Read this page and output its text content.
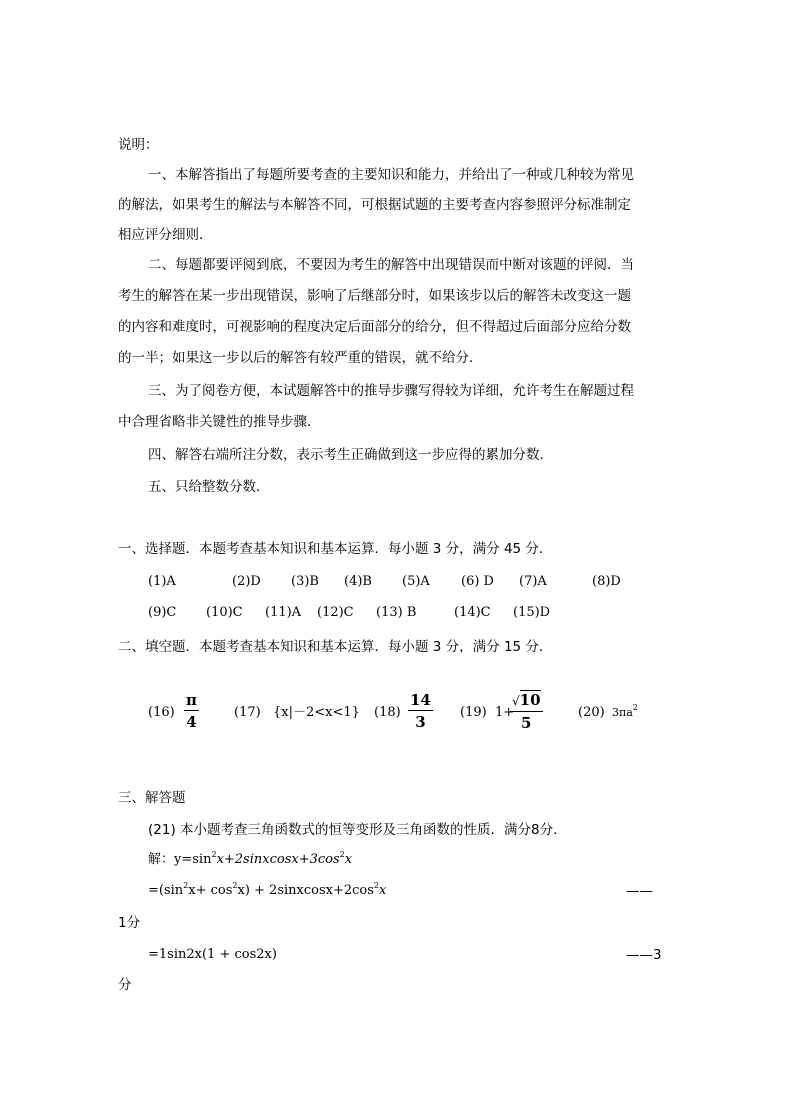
说明：
一、本解答指出了每题所要考查的主要知识和能力，并给出了一种或几种较为常见
的解法，如果考生的解法与本解答不同，可根据试题的主要考查内容参照评分标准制定
相应评分细则．
二、每题都要评阅到底，不要因为考生的解答中出现错误而中断对该题的评阅．当
考生的解答在某一步出现错误，影响了后继部分时，如果该步以后的解答未改变这一题
的内容和难度时，可视影响的程度决定后面部分的给分，但不得超过后面部分应给分数
的一半；如果这一步以后的解答有较严重的错误，就不给分．
三、为了阅卷方便，本试题解答中的推导步骤写得较为详细，允许考生在解题过程
中合理省略非关键性的推导步骤．
四、解答右端所注分数，表示考生正确做到这一步应得的累加分数．
五、只给整数分数．
一、选择题．本题考查基本知识和基本运算．每小题 3 分，满分 45 分．
(1)A	(2)D (3)B (4)B (5)A (6) D (7)A	(8)D
(9)C (10)C (11)A (12)C (13) B	(14)C (15)D
二、填空题．本题考查基本知识和基本运算．每小题 3 分，满分 15 分．
$(16) \frac{\pi}{4}$	(17) {x|－2<x<1} $(18) \frac{14}{3} (19)$ 1+
$\frac{√10}{5}$	(20) $3\pi a^2$
三、解答题
(21) 本小题考查三角函数式的恒等变形及三角函数的性质．满分8分．
解：$y=\sin^2x+2sinxcosx+3\cos^2x$
$=(\sin^2x+ \cos^2x)$ + $2sinxcosx+2\cos^2x$	——
1分
=1sin2x(1 + cos2x)	——3
分
